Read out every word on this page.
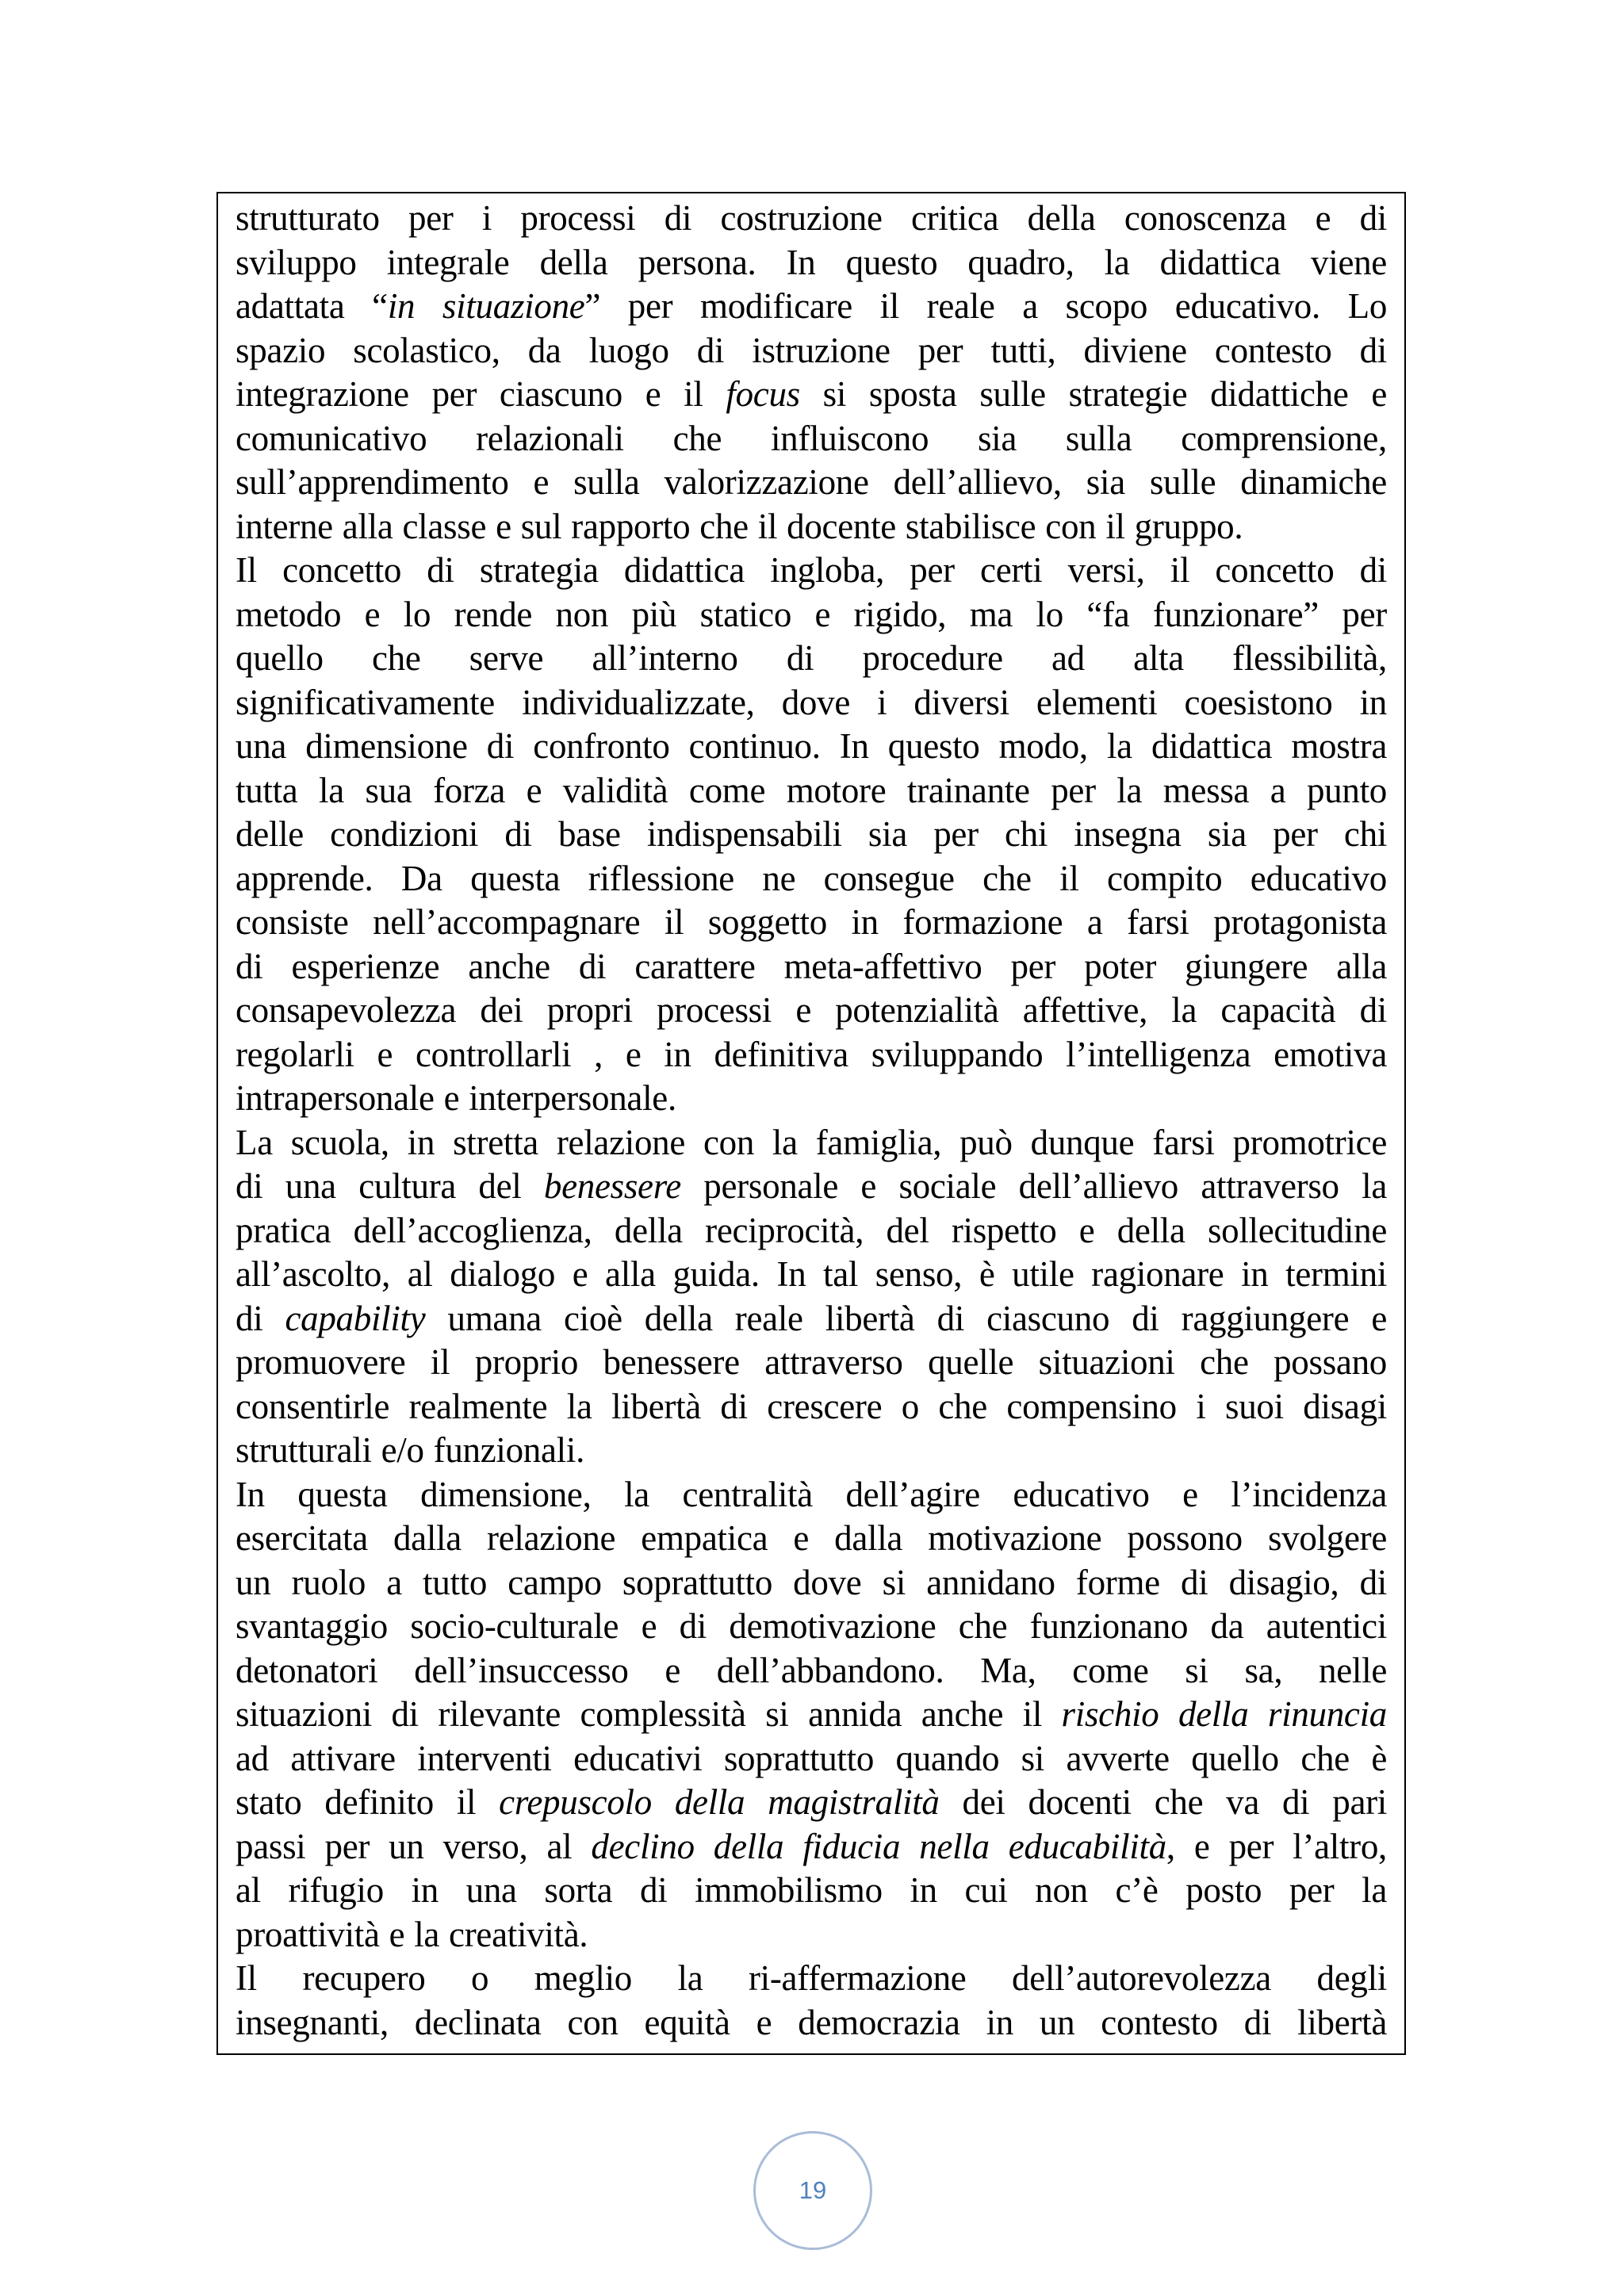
strutturato per i processi di costruzione critica della conoscenza e di
sviluppo integrale della persona. In questo quadro, la didattica viene
adattata “in situazione” per modificare il reale a scopo educativo. Lo
spazio scolastico, da luogo di istruzione per tutti, diviene contesto di
integrazione per ciascuno e il focus si sposta sulle strategie didattiche e
comunicativo relazionali che influiscono sia sulla comprensione,
sull’apprendimento e sulla valorizzazione dell’allievo, sia sulle dinamiche
interne alla classe e sul rapporto che il docente stabilisce con il gruppo.
Il concetto di strategia didattica ingloba, per certi versi, il concetto di
metodo e lo rende non più statico e rigido, ma lo “fa funzionare” per
quello che serve all’interno di procedure ad alta flessibilità,
significativamente individualizzate, dove i diversi elementi coesistono in
una dimensione di confronto continuo. In questo modo, la didattica mostra
tutta la sua forza e validità come motore trainante per la messa a punto
delle condizioni di base indispensabili sia per chi insegna sia per chi
apprende. Da questa riflessione ne consegue che il compito educativo
consiste nell’accompagnare il soggetto in formazione a farsi protagonista
di esperienze anche di carattere meta-affettivo per poter giungere alla
consapevolezza dei propri processi e potenzialità affettive, la capacità di
regolarli e controllarli , e in definitiva sviluppando l’intelligenza emotiva
intrapersonale e interpersonale.
La scuola, in stretta relazione con la famiglia, può dunque farsi promotrice
di una cultura del benessere personale e sociale dell’allievo attraverso la
pratica dell’accoglienza, della reciprocità, del rispetto e della sollecitudine
all’ascolto, al dialogo e alla guida. In tal senso, è utile ragionare in termini
di capability umana cioè della reale libertà di ciascuno di raggiungere e
promuovere il proprio benessere attraverso quelle situazioni che possano
consentirle realmente la libertà di crescere o che compensino i suoi disagi
strutturali e/o funzionali.
In questa dimensione, la centralità dell’agire educativo e l’incidenza
esercitata dalla relazione empatica e dalla motivazione possono svolgere
un ruolo a tutto campo soprattutto dove si annidano forme di disagio, di
svantaggio socio-culturale e di demotivazione che funzionano da autentici
detonatori dell’insuccesso e dell’abbandono. Ma, come si sa, nelle
situazioni di rilevante complessità si annida anche il rischio della rinuncia
ad attivare interventi educativi soprattutto quando si avverte quello che è
stato definito il crepuscolo della magistralità dei docenti che va di pari
passi per un verso, al declino della fiducia nella educabilità, e per l’altro,
al rifugio in una sorta di immobilismo in cui non c’è posto per la
proattività e la creatività.
Il recupero o meglio la ri-affermazione dell’autorevolezza degli
insegnanti, declinata con equità e democrazia in un contesto di libertà
19
